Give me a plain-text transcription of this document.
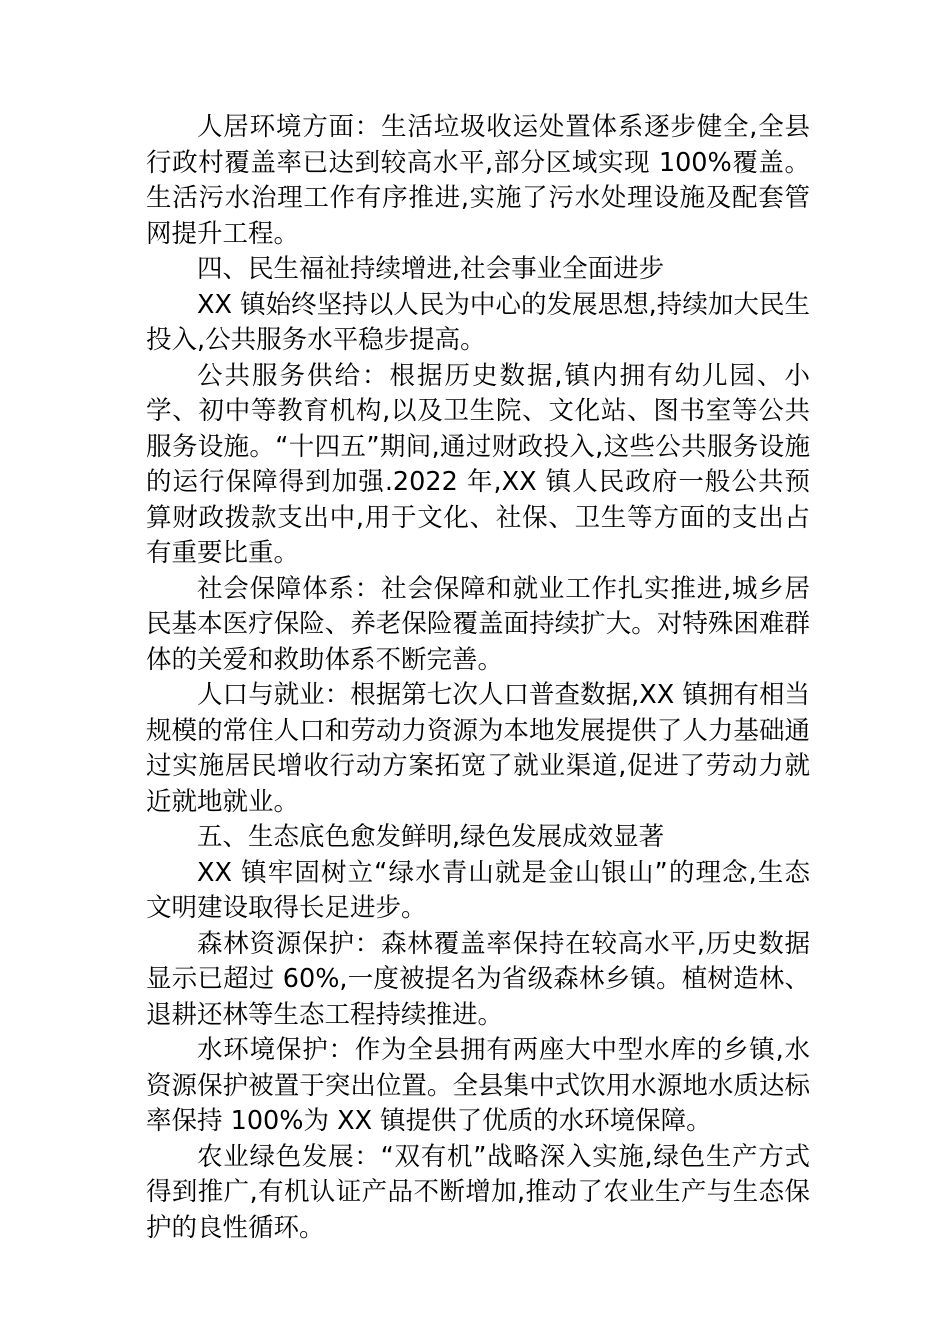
人居环境方面：生活垃圾收运处置体系逐步健全,全县行政村覆盖率已达到较高水平,部分区域实现 100%覆盖。生活污水治理工作有序推进,实施了污水处理设施及配套管网提升工程。

四、民生福祉持续增进,社会事业全面进步

XX 镇始终坚持以人民为中心的发展思想,持续加大民生投入,公共服务水平稳步提高。

公共服务供给：根据历史数据,镇内拥有幼儿园、小学、初中等教育机构,以及卫生院、文化站、图书室等公共服务设施。“十四五”期间,通过财政投入,这些公共服务设施的运行保障得到加强.2022 年,XX 镇人民政府一般公共预算财政拨款支出中,用于文化、社保、卫生等方面的支出占有重要比重。

社会保障体系：社会保障和就业工作扎实推进,城乡居民基本医疗保险、养老保险覆盖面持续扩大。对特殊困难群体的关爱和救助体系不断完善。

人口与就业：根据第七次人口普查数据,XX 镇拥有相当规模的常住人口和劳动力资源为本地发展提供了人力基础通过实施居民增收行动方案拓宽了就业渠道,促进了劳动力就近就地就业。

五、生态底色愈发鲜明,绿色发展成效显著

XX 镇牢固树立“绿水青山就是金山银山”的理念,生态文明建设取得长足进步。

森林资源保护：森林覆盖率保持在较高水平,历史数据显示已超过 60%,一度被提名为省级森林乡镇。植树造林、退耕还林等生态工程持续推进。

水环境保护：作为全县拥有两座大中型水库的乡镇,水资源保护被置于突出位置。全县集中式饮用水源地水质达标率保持 100%为 XX 镇提供了优质的水环境保障。

农业绿色发展：“双有机”战略深入实施,绿色生产方式得到推广,有机认证产品不断增加,推动了农业生产与生态保护的良性循环。
